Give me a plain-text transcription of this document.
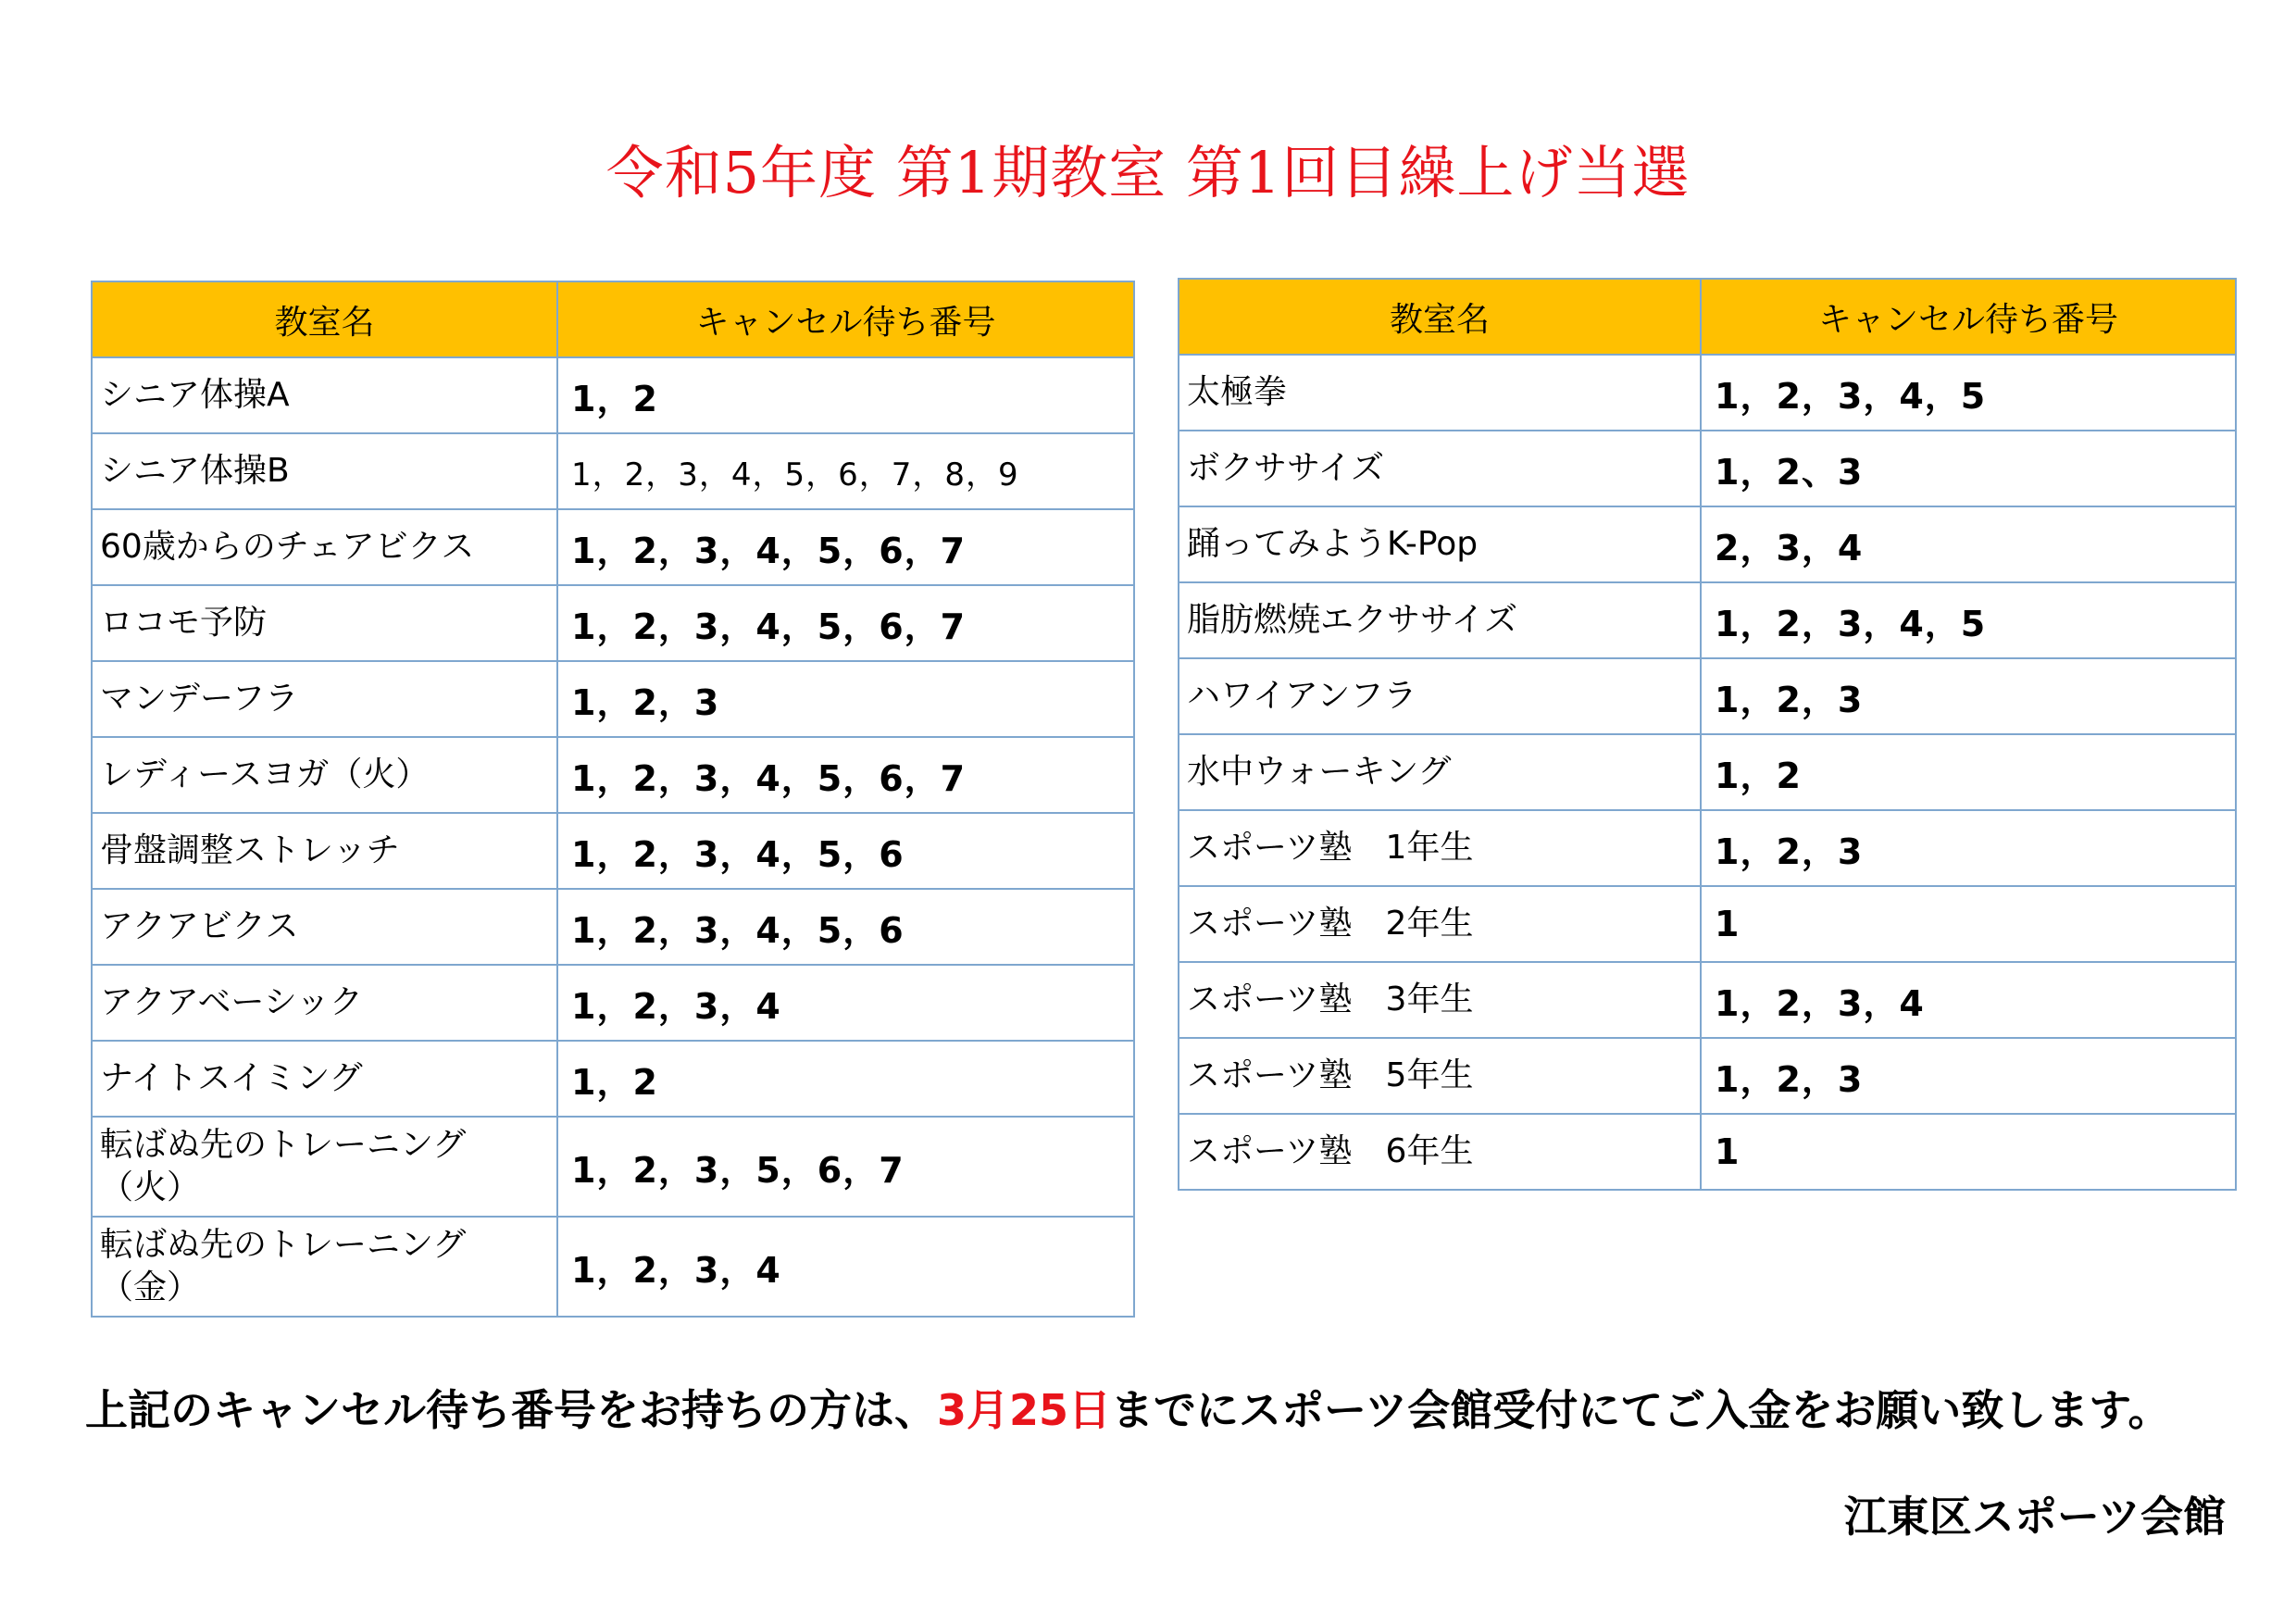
令和5年度 第1期教室 第1回目繰上げ当選
教室名	キャンセル待ち番号
シニア体操A	1，2
シニア体操B	1，2，3，4，5，6，7，8，9
60歳からのチェアビクス	1，2，3，4，5，6，7
ロコモ予防	1，2，3，4，5，6，7
マンデーフラ	1，2，3
レディースヨガ（火）	1，2，3，4，5，6，7
骨盤調整ストレッチ	1，2，3，4，5，6
アクアビクス	1，2，3，4，5，6
アクアベーシック	1，2，3，4
ナイトスイミング	1，2
転ばぬ先のトレーニング（火）	1，2，3，5，6，7
転ばぬ先のトレーニング（金）	1，2，3，4
教室名	キャンセル待ち番号
太極拳	1，2，3，4，5
ボクササイズ	1，2、3
踊ってみようK-Pop	2，3，4
脂肪燃焼エクササイズ	1，2，3，4，5
ハワイアンフラ	1，2，3
水中ウォーキング	1，2
スポーツ塾　1年生	1，2，3
スポーツ塾　2年生	1
スポーツ塾　3年生	1，2，3，4
スポーツ塾　5年生	1，2，3
スポーツ塾　6年生	1
上記のキャンセル待ち番号をお持ちの方は、3月25日までにスポーツ会館受付にてご入金をお願い致します。
江東区スポーツ会館
